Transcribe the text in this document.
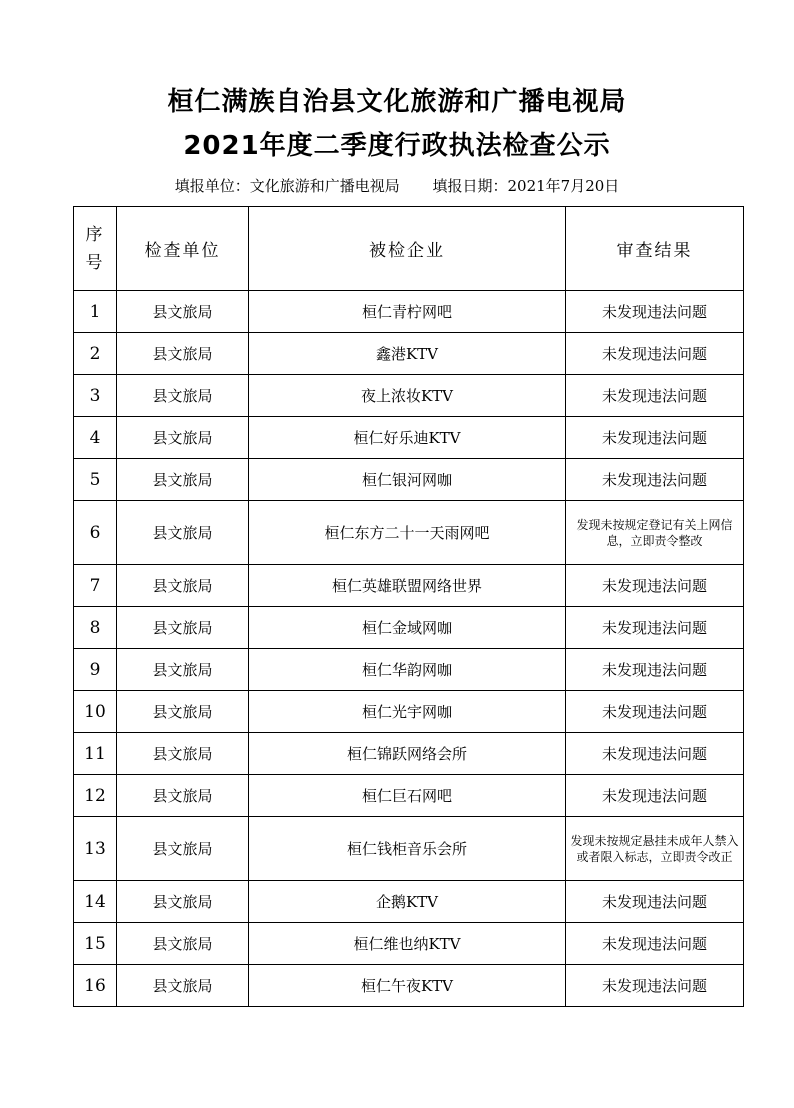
桓仁满族自治县文化旅游和广播电视局
2021年度二季度行政执法检查公示
填报单位：文化旅游和广播电视局 填报日期：2021年7月20日
序
号	检查单位	被检企业	审查结果
1	县文旅局	桓仁青柠网吧	未发现违法问题
2	县文旅局	鑫港KTV	未发现违法问题
3	县文旅局	夜上浓妆KTV	未发现违法问题
4	县文旅局	桓仁好乐迪KTV	未发现违法问题
5	县文旅局	桓仁银河网咖	未发现违法问题
6	县文旅局	桓仁东方二十一天雨网吧	发现未按规定登记有关上网信息，立即责令整改
7	县文旅局	桓仁英雄联盟网络世界	未发现违法问题
8	县文旅局	桓仁金域网咖	未发现违法问题
9	县文旅局	桓仁华韵网咖	未发现违法问题
10	县文旅局	桓仁光宇网咖	未发现违法问题
11	县文旅局	桓仁锦跃网络会所	未发现违法问题
12	县文旅局	桓仁巨石网吧	未发现违法问题
13	县文旅局	桓仁钱柜音乐会所	发现未按规定悬挂未成年人禁入或者限入标志，立即责令改正
14	县文旅局	企鹅KTV	未发现违法问题
15	县文旅局	桓仁维也纳KTV	未发现违法问题
16	县文旅局	桓仁午夜KTV	未发现违法问题
